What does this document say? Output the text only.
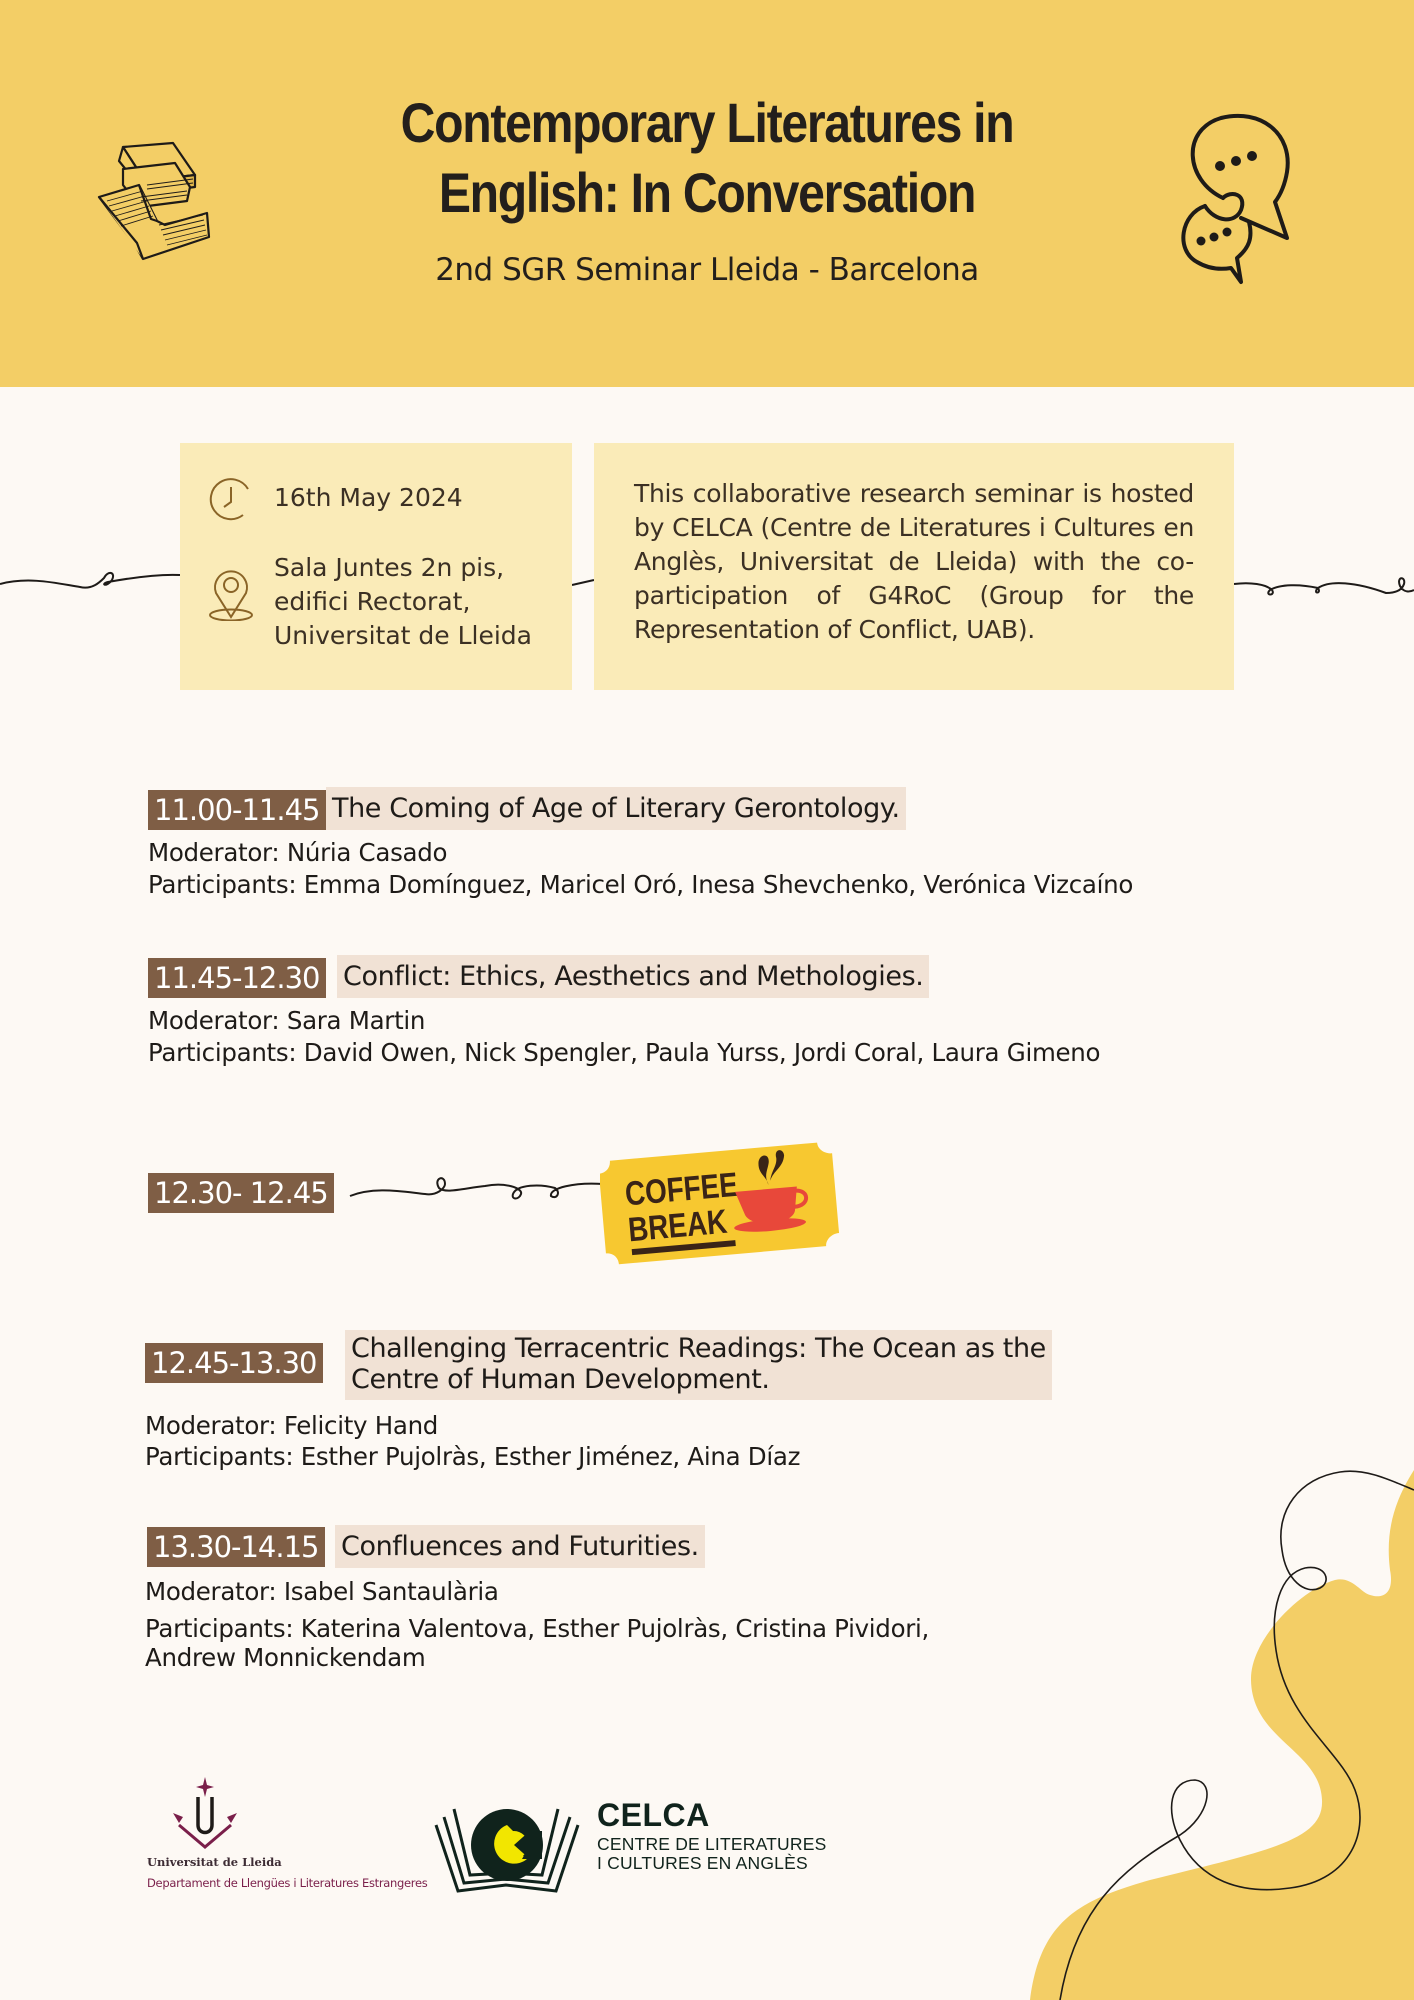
Contemporary Literatures in
English: In Conversation
2nd SGR Seminar Lleida - Barcelona
16th May 2024
Sala Juntes 2n pis,
edifici Rectorat,
Universitat de Lleida
This collaborative research seminar is hosted by CELCA (Centre de Literatures i Cultures en Anglès, Universitat de Lleida) with the co-participation of G4RoC (Group for the Representation of Conflict, UAB).
11.00-11.45 The Coming of Age of Literary Gerontology.
Moderator: Núria Casado
Participants: Emma Domínguez, Maricel Oró, Inesa Shevchenko, Verónica Vizcaíno
11.45-12.30 Conflict: Ethics, Aesthetics and Methologies.
Moderator: Sara Martin
Participants: David Owen, Nick Spengler, Paula Yurss, Jordi Coral, Laura Gimeno
12.30- 12.45	COFFEE
BREAK
12.45-13.30 Challenging Terracentric Readings: The Ocean as the
Centre of Human Development.
Moderator: Felicity Hand
Participants: Esther Pujolràs, Esther Jiménez, Aina Díaz
13.30-14.15 Confluences and Futurities.
Moderator: Isabel Santaulària
Participants: Katerina Valentova, Esther Pujolràs, Cristina Pividori,
Andrew Monnickendam
Universitat de Lleida
Departament de Llengües i Literatures Estrangeres
CELCA
CENTRE DE LITERATURES
I CULTURES EN ANGLÈS
